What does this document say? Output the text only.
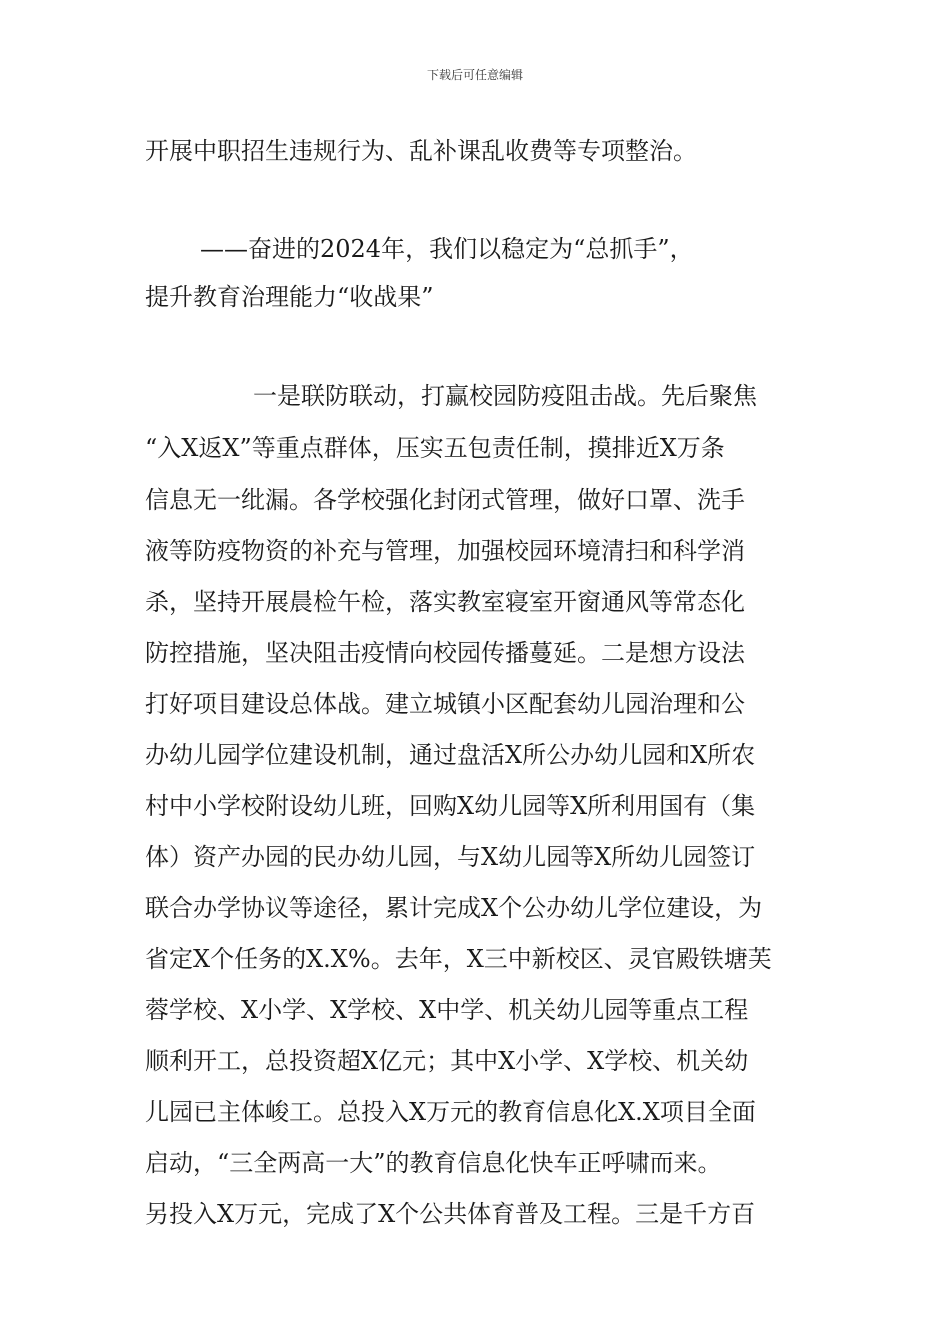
下载后可任意编辑
开展中职招生违规行为、乱补课乱收费等专项整治。
——奋进的2024年，我们以稳定为“总抓手”，
提升教育治理能力“收战果”
一是联防联动，打赢校园防疫阻击战。先后聚焦
“入X返X”等重点群体，压实五包责任制，摸排近X万条
信息无一纰漏。各学校强化封闭式管理，做好口罩、洗手
液等防疫物资的补充与管理，加强校园环境清扫和科学消
杀，坚持开展晨检午检，落实教室寝室开窗通风等常态化
防控措施，坚决阻击疫情向校园传播蔓延。二是想方设法
打好项目建设总体战。建立城镇小区配套幼儿园治理和公
办幼儿园学位建设机制，通过盘活X所公办幼儿园和X所农
村中小学校附设幼儿班，回购X幼儿园等X所利用国有（集
体）资产办园的民办幼儿园，与X幼儿园等X所幼儿园签订
联合办学协议等途径，累计完成X个公办幼儿学位建设，为
省定X个任务的X.X%。去年，X三中新校区、灵官殿铁塘芙
蓉学校、X小学、X学校、X中学、机关幼儿园等重点工程
顺利开工，总投资超X亿元；其中X小学、X学校、机关幼
儿园已主体峻工。总投入X万元的教育信息化X.X项目全面
启动，“三全两高一大”的教育信息化快车正呼啸而来。
另投入X万元，完成了X个公共体育普及工程。三是千方百
